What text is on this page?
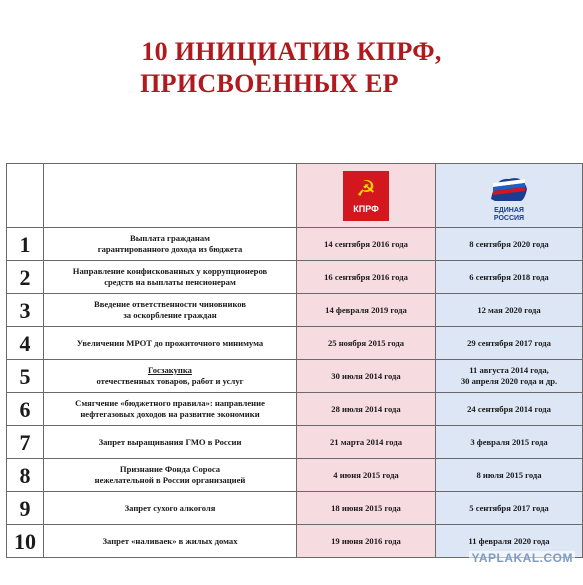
10 ИНИЦИАТИВ КПРФ,
ПРИСВОЕННЫХ ЕР

		☭
КПРФ	ЕДИНАЯ
РОССИЯ

1	Выплата гражданам
гарантированного дохода из бюджета	14 сентября 2016 года	8 сентября 2020 года

2	Направление конфискованных у коррупционеров
средств на выплаты пенсионерам	16 сентября 2016 года	6 сентября 2018 года

3	Введение ответственности чиновников
за оскорбление граждан	14 февраля 2019 года	12 мая 2020 года

4	Увеличении МРОТ до прожиточного минимума	25 ноября 2015 года	29 сентября 2017 года

5	Госзакупка
отечественных товаров, работ и услуг	30 июля 2014 года	11 августа 2014 года,
30 апреля 2020 года и др.

6	Смягчение «бюджетного правила»: направление
нефтегазовых доходов на развитие экономики	28 июля 2014 года	24 сентября 2014 года

7	Запрет выращивания ГМО в России	21 марта 2014 года	3 февраля 2015 года

8	Признание Фонда Сороса
нежелательной в России организацией	4 июня 2015 года	8 июля 2015 года

9	Запрет сухого алкоголя	18 июня 2015 года	5 сентября 2017 года

10	Запрет «наливаек» в жилых домах	19 июня 2016 года	11 февраля 2020 года
YAPLAKAL.COM
